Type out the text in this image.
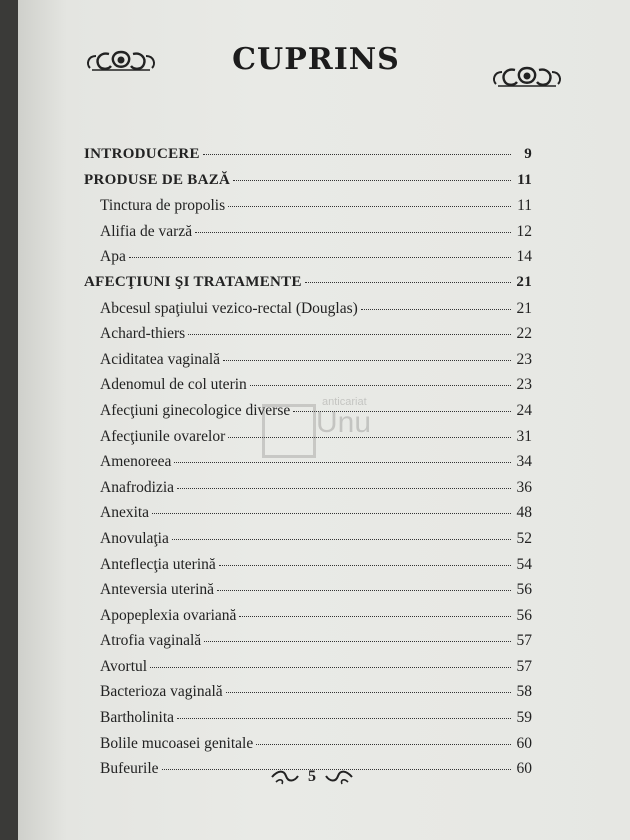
CUPRINS
INTRODUCERE	9
PRODUSE DE BAZĂ	11
Tinctura de propolis	11
Alifia de varză	12
Apa	14
AFECŢIUNI ŞI TRATAMENTE	21
Abcesul spaţiului vezico-rectal (Douglas)	21
Achard-thiers	22
Aciditatea vaginală	23
Adenomul de col uterin	23
Afecţiuni ginecologice diverse	24
Afecţiunile ovarelor	31
Amenoreea	34
Anafrodizia	36
Anexita	48
Anovulaţia	52
Anteflecţia uterină	54
Anteversia uterină	56
Apopeplexia ovariană	56
Atrofia vaginală	57
Avortul	57
Bacterioza vaginală	58
Bartholinita	59
Bolile mucoasei genitale	60
Bufeurile	60
anticariat
Unu
5
